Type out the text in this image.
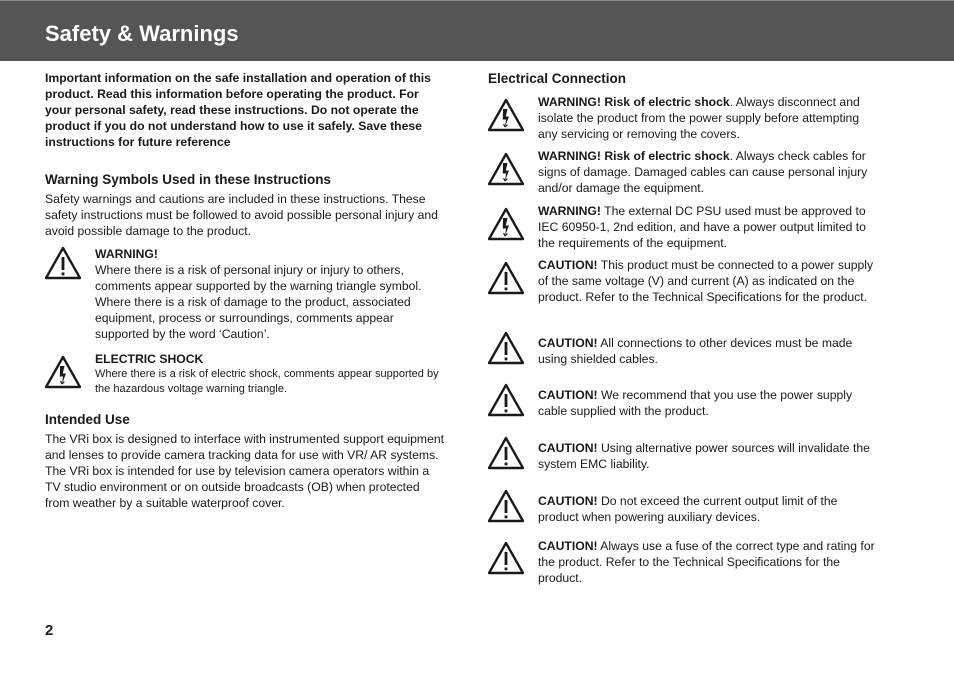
Safety & Warnings

Important information on the safe installation and operation of this product. Read this information before operating the product. For your personal safety, read these instructions. Do not operate the product if you do not understand how to use it safely. Save these instructions for future reference

Warning Symbols Used in these Instructions

Safety warnings and cautions are included in these instructions. These safety instructions must be followed to avoid possible personal injury and avoid possible damage to the product.

WARNING!
Where there is a risk of personal injury or injury to others, comments appear supported by the warning triangle symbol. Where there is a risk of damage to the product, associated equipment, process or surroundings, comments appear supported by the word ‘Caution’.
ELECTRIC SHOCK
Where there is a risk of electric shock, comments appear supported by the hazardous voltage warning triangle.
Intended Use

The VRi box is designed to interface with instrumented support equipment and lenses to provide camera tracking data for use with VR/ AR systems. The VRi box is intended for use by television camera operators within a TV studio environment or on outside broadcasts (OB) when protected from weather by a suitable waterproof cover.

Electrical Connection
WARNING! Risk of electric shock. Always disconnect and isolate the product from the power supply before attempting any servicing or removing the covers.
WARNING! Risk of electric shock. Always check cables for signs of damage. Damaged cables can cause personal injury and/or damage the equipment.
WARNING! The external DC PSU used must be approved to IEC 60950-1, 2nd edition, and have a power output limited to the requirements of the equipment.
CAUTION! This product must be connected to a power supply of the same voltage (V) and current (A) as indicated on the product. Refer to the Technical Specifications for the product.
CAUTION! All connections to other devices must be made using shielded cables.
CAUTION! We recommend that you use the power supply cable supplied with the product.
CAUTION! Using alternative power sources will invalidate the system EMC liability.
CAUTION! Do not exceed the current output limit of the product when powering auxiliary devices.
CAUTION! Always use a fuse of the correct type and rating for the product. Refer to the Technical Specifications for the product.
2
